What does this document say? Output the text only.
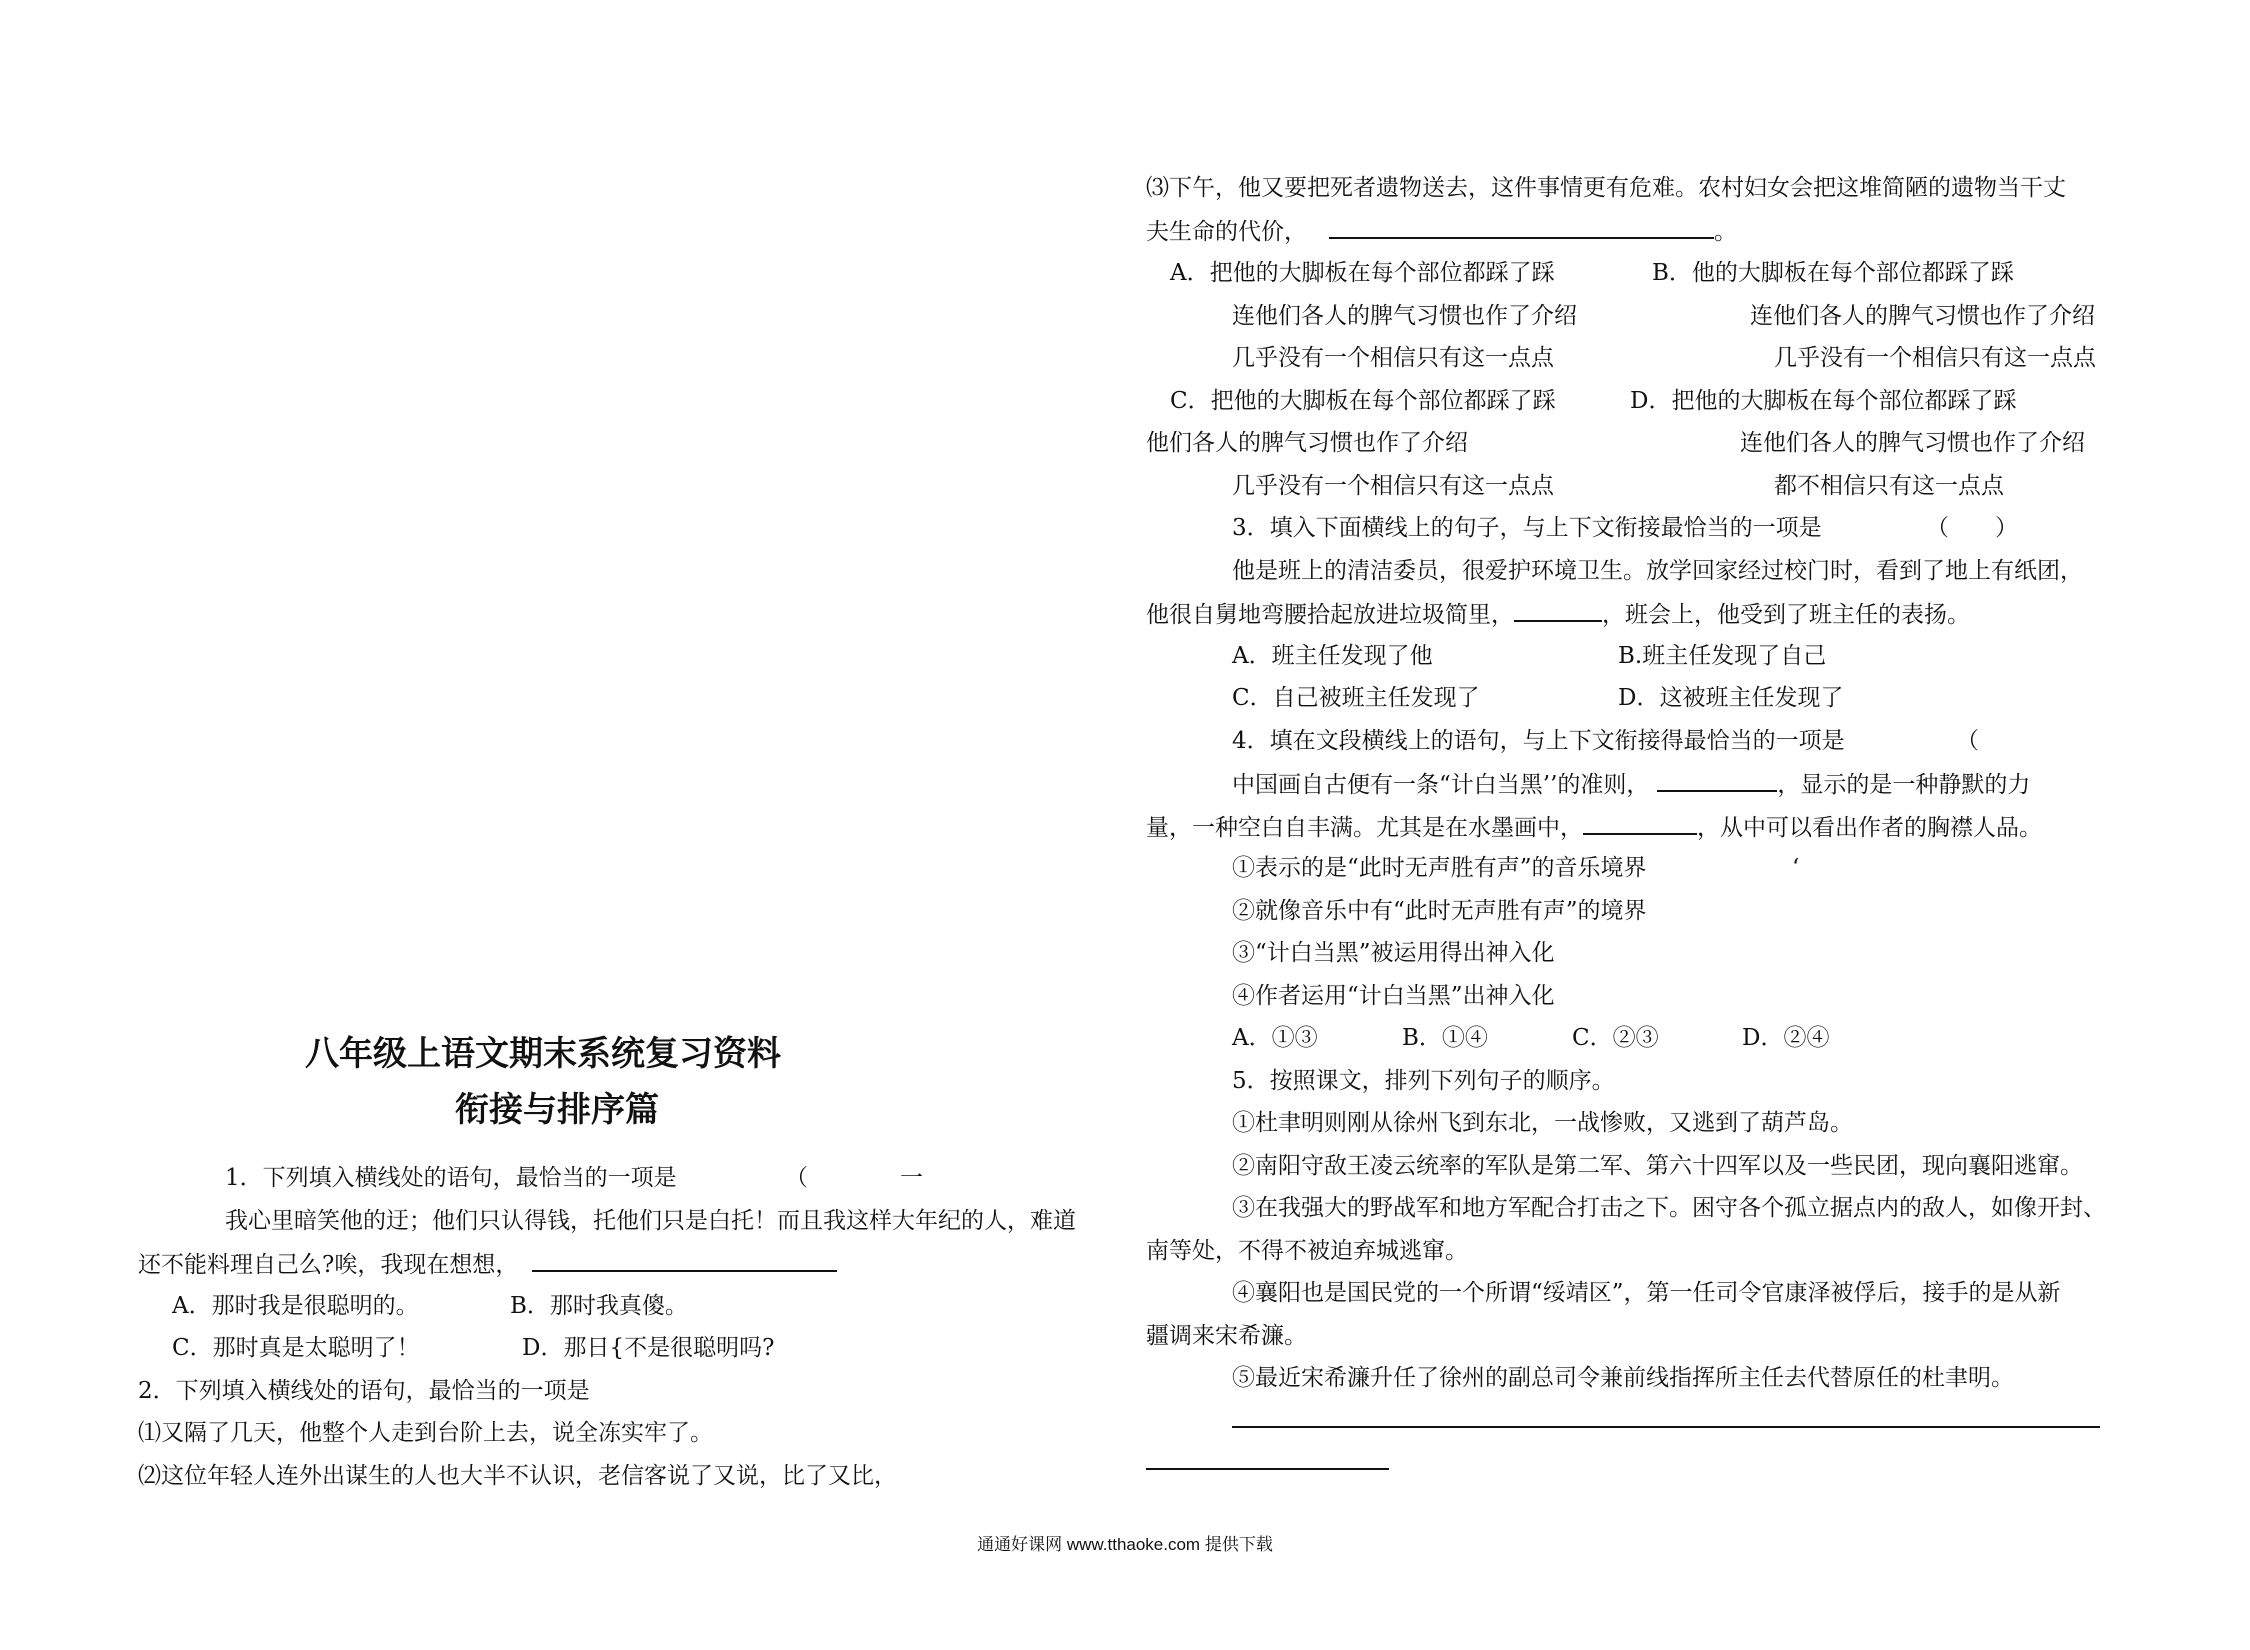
八年级上语文期末系统复习资料
衔接与排序篇
1．下列填入横线处的语句，最恰当的一项是	（　　　　一
我心里暗笑他的迂；他们只认得钱，托他们只是白托！而且我这样大年纪的人，难道
还不能料理自己么?唉，我现在想想，
A．那时我是很聪明的。	B．那时我真傻。
C．那时真是太聪明了！	D．那日{不是很聪明吗?
2．下列填入横线处的语句，最恰当的一项是
⑴又隔了几天，他整个人走到台阶上去，说全冻实牢了。
⑵这位年轻人连外出谋生的人也大半不认识，老信客说了又说，比了又比，
⑶下午，他又要把死者遗物送去，这件事情更有危难。农村妇女会把这堆简陋的遗物当干丈
夫生命的代价，	。
A．把他的大脚板在每个部位都踩了踩	B．他的大脚板在每个部位都踩了踩
连他们各人的脾气习惯也作了介绍	连他们各人的脾气习惯也作了介绍
几乎没有一个相信只有这一点点	几乎没有一个相信只有这一点点
C．把他的大脚板在每个部位都踩了踩	D．把他的大脚板在每个部位都踩了踩
他们各人的脾气习惯也作了介绍	连他们各人的脾气习惯也作了介绍
几乎没有一个相信只有这一点点	都不相信只有这一点点
3．填入下面横线上的句子，与上下文衔接最恰当的一项是	（　　）
他是班上的清洁委员，很爱护环境卫生。放学回家经过校门时，看到了地上有纸团，
他很自舅地弯腰拾起放进垃圾简里，	，班会上，他受到了班主任的表扬。
A．班主任发现了他	B.班主任发现了自己
C．自己被班主任发现了	D．这被班主任发现了
4．填在文段横线上的语句，与上下文衔接得最恰当的一项是	（
中国画自古便有一条“计白当黑’’的准则，	，显示的是一种静默的力
量，一种空白自丰满。尤其是在水墨画中，	，从中可以看出作者的胸襟人品。
①表示的是“此时无声胜有声”的音乐境界	‘
②就像音乐中有“此时无声胜有声”的境界
③“计白当黑”被运用得出神入化
④作者运用“计白当黑”出神入化
A．①③	B．①④	C．②③	D．②④
5．按照课文，排列下列句子的顺序。
①杜聿明则刚从徐州飞到东北，一战惨败，又逃到了葫芦岛。
②南阳守敌王凌云统率的军队是第二军、第六十四军以及一些民团，现向襄阳逃窜。
③在我强大的野战军和地方军配合打击之下。困守各个孤立据点内的敌人，如像开封、
南等处，不得不被迫弃城逃窜。
④襄阳也是国民党的一个所谓“绥靖区”，第一任司令官康泽被俘后，接手的是从新
疆调来宋希濂。
⑤最近宋希濂升任了徐州的副总司令兼前线指挥所主任去代替原任的杜聿明。
通通好课网 www.tthaoke.com 提供下载
